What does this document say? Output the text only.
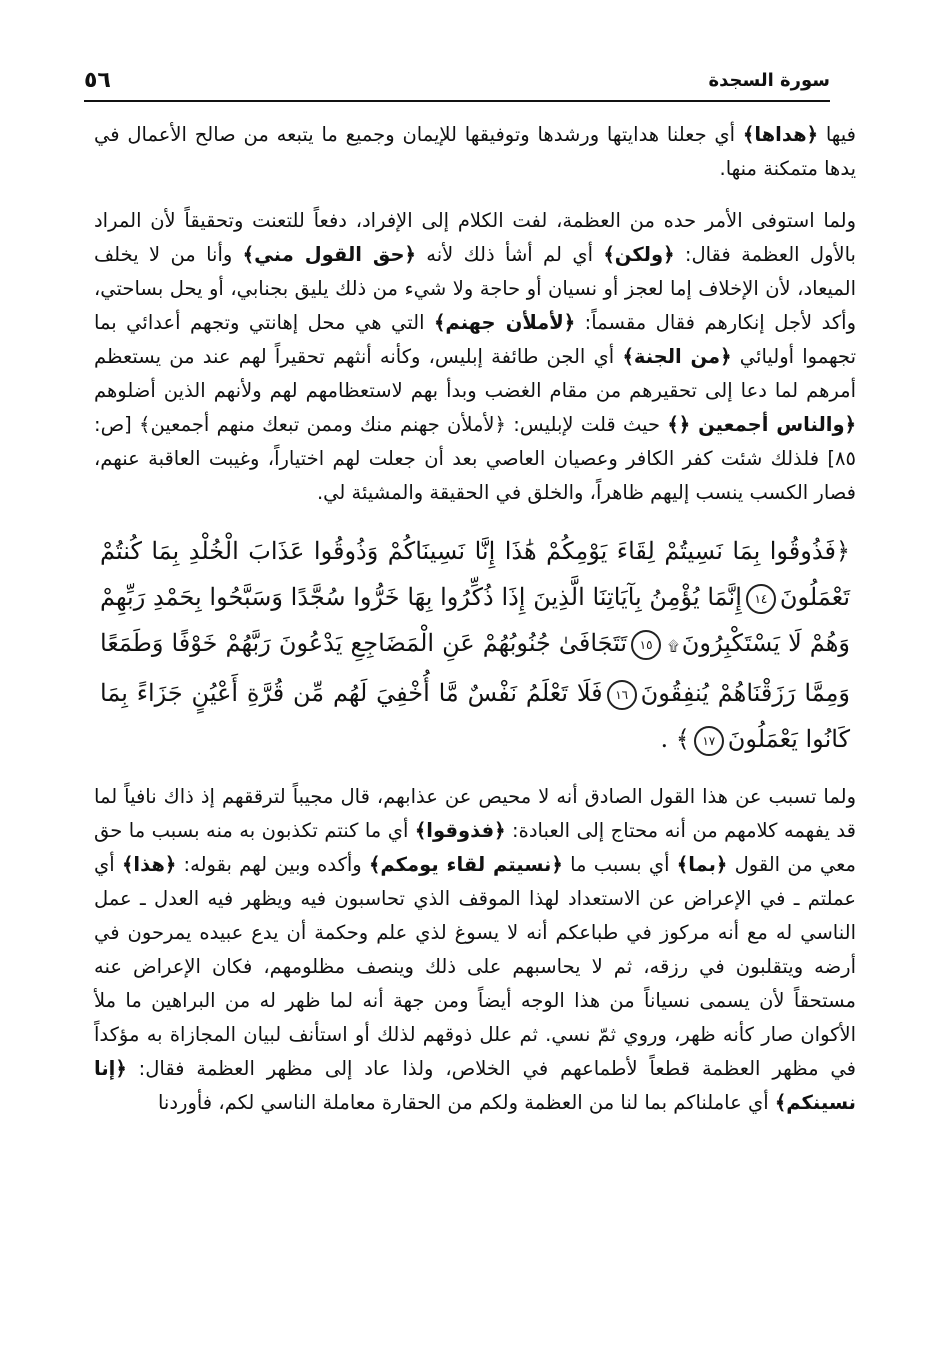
٥٦	سورة السجدة

فيها ﴿هداها﴾ أي جعلنا هدايتها ورشدها وتوفيقها للإيمان وجميع ما يتبعه من صالح الأعمال في يدها متمكنة منها.

ولما استوفى الأمر حده من العظمة، لفت الكلام إلى الإفراد، دفعاً للتعنت وتحقيقاً لأن المراد بالأول العظمة فقال: ﴿ولكن﴾ أي لم أشأ ذلك لأنه ﴿حق القول مني﴾ وأنا من لا يخلف الميعاد، لأن الإخلاف إما لعجز أو نسيان أو حاجة ولا شيء من ذلك يليق بجنابي، أو يحل بساحتي، وأكد لأجل إنكارهم فقال مقسماً: ﴿لأملأن جهنم﴾ التي هي محل إهانتي وتجهم أعدائي بما تجهموا أوليائي ﴿من الجنة﴾ أي الجن طائفة إبليس، وكأنه أنثهم تحقيراً لهم عند من يستعظم أمرهم لما دعا إلى تحقيرهم من مقام الغضب وبدأ بهم لاستعظامهم لهم ولأنهم الذين أضلوهم ﴿والناس أجمعين ﴿﴾ حيث قلت لإبليس: ﴿لأملأن جهنم منك وممن تبعك منهم أجمعين﴾ [ص: ٨٥] فلذلك شئت كفر الكافر وعصيان العاصي بعد أن جعلت لهم اختياراً، وغيبت العاقبة عنهم، فصار الكسب ينسب إليهم ظاهراً، والخلق في الحقيقة والمشيئة لي.

﴿فَذُوقُوا بِمَا نَسِيتُمْ لِقَاءَ يَوْمِكُمْ هَٰذَا إِنَّا نَسِينَاكُمْ وَذُوقُوا عَذَابَ الْخُلْدِ بِمَا كُنتُمْ تَعْمَلُونَ١٤إِنَّمَا يُؤْمِنُ بِآيَاتِنَا الَّذِينَ إِذَا ذُكِّرُوا بِهَا خَرُّوا سُجَّدًا وَسَبَّحُوا بِحَمْدِ رَبِّهِمْ وَهُمْ لَا يَسْتَكْبِرُونَ۩١٥تَتَجَافَىٰ جُنُوبُهُمْ عَنِ الْمَضَاجِعِ يَدْعُونَ رَبَّهُمْ خَوْفًا وَطَمَعًا وَمِمَّا رَزَقْنَاهُمْ يُنفِقُونَ١٦فَلَا تَعْلَمُ نَفْسٌ مَّا أُخْفِيَ لَهُم مِّن قُرَّةِ أَعْيُنٍ جَزَاءً بِمَا كَانُوا يَعْمَلُونَ١٧﴾ .

ولما تسبب عن هذا القول الصادق أنه لا محيص عن عذابهم، قال مجيباً لترققهم إذ ذاك نافياً لما قد يفهمه كلامهم من أنه محتاج إلى العبادة: ﴿فذوقوا﴾ أي ما كنتم تكذبون به منه بسبب ما حق معي من القول ﴿بما﴾ أي بسبب ما ﴿نسيتم لقاء يومكم﴾ وأكده وبين لهم بقوله: ﴿هذا﴾ أي عملتم ـ في الإعراض عن الاستعداد لهذا الموقف الذي تحاسبون فيه ويظهر فيه العدل ـ عمل الناسي له مع أنه مركوز في طباعكم أنه لا يسوغ لذي علم وحكمة أن يدع عبيده يمرحون في أرضه ويتقلبون في رزقه، ثم لا يحاسبهم على ذلك وينصف مظلومهم، فكان الإعراض عنه مستحقاً لأن يسمى نسياناً من هذا الوجه أيضاً ومن جهة أنه لما ظهر له من البراهين ما ملأ الأكوان صار كأنه ظهر، وروي ثمّ نسي. ثم علل ذوقهم لذلك أو استأنف لبيان المجازاة به مؤكداً في مظهر العظمة قطعاً لأطماعهم في الخلاص، ولذا عاد إلى مظهر العظمة فقال: ﴿إنا نسينكم﴾ أي عاملناكم بما لنا من العظمة ولكم من الحقارة معاملة الناسي لكم، فأوردنا
